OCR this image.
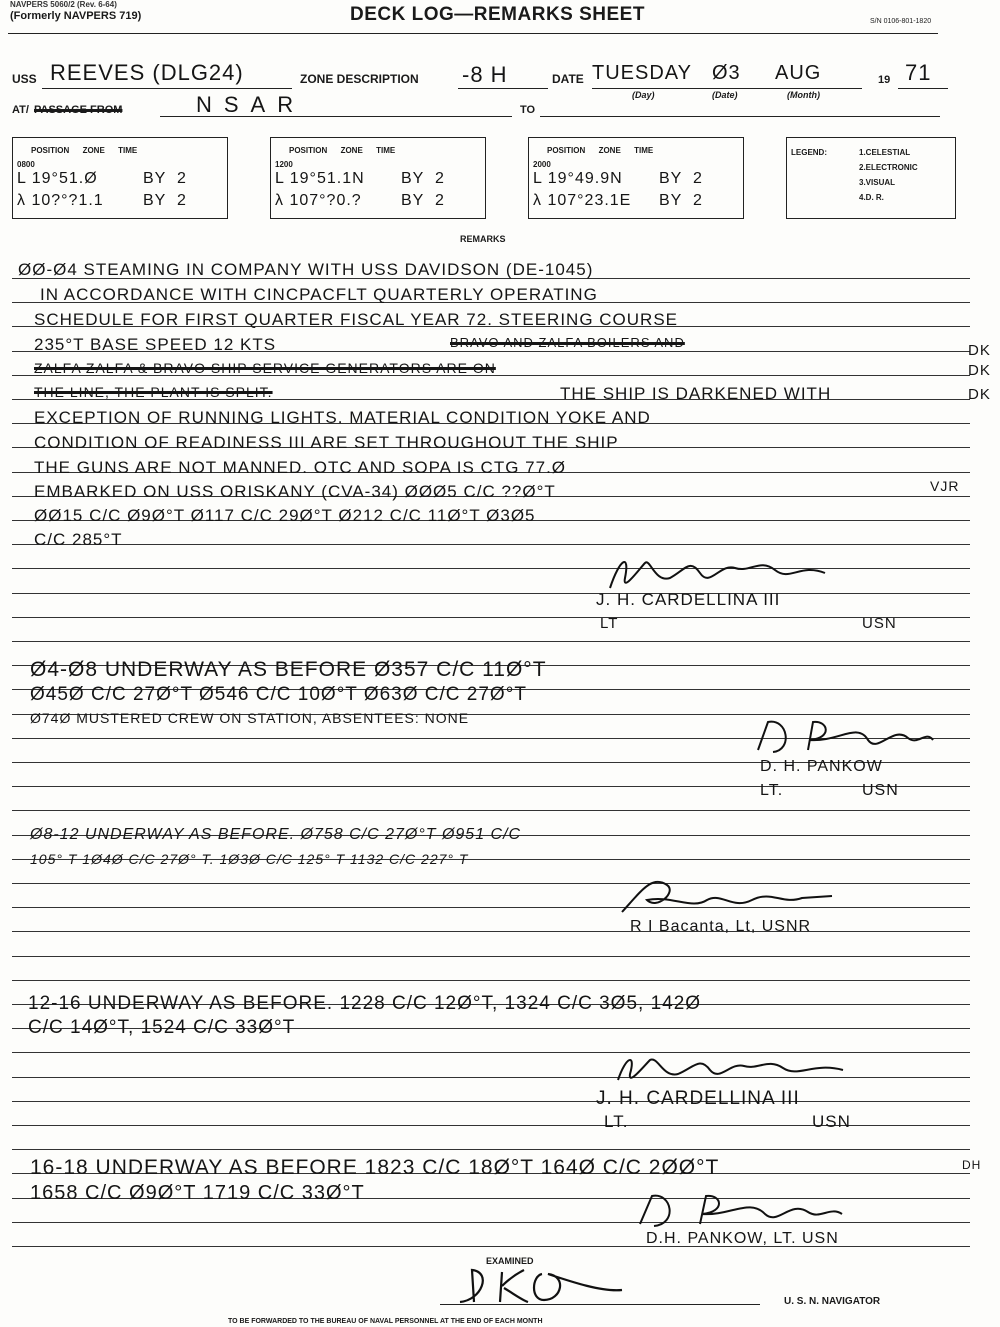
NAVPERS 5060/2 (Rev. 6-64)
(Formerly NAVPERS 719)	DECK LOG—REMARKS SHEET	S/N 0106-801-1820
USS REEVES (DLG24)	ZONE DESCRIPTION -8 H	DATE TUESDAY Ø3 AUG
(Day)	(Date)	(Month)
19 71
AT/ PASSAGE FROM	NSAR	TO
POSITION      ZONE      TIME
0800
L 19°51.Ø	BY  2
λ 10?°?1.1 BY  2
POSITION      ZONE      TIME
1200
L 19°51.1N BY  2
λ 107°?0.? BY  2
POSITION      ZONE      TIME
2000
L 19°49.9N BY  2
λ 107°23.1E BY  2
LEGEND:	1.CELESTIAL
2.ELECTRONIC
3.VISUAL
4.D. R.
REMARKS
ØØ-Ø4 STEAMING IN COMPANY WITH USS DAVIDSON (DE-1045)
IN ACCORDANCE WITH CINCPACFLT QUARTERLY OPERATING
SCHEDULE FOR FIRST QUARTER FISCAL YEAR 72. STEERING COURSE
235°T BASE SPEED 12 KTS	BRAVO AND ZALFA BOILERS AND
ZALFA ZALFA & BRAVO SHIP SERVICE GENERATORS ARE ON
THE LINE, THE PLANT IS SPLIT.	THE SHIP IS DARKENED WITH
EXCEPTION OF RUNNING LIGHTS. MATERIAL CONDITION YOKE AND
CONDITION OF READINESS III ARE SET THROUGHOUT THE SHIP
THE GUNS ARE NOT MANNED. OTC AND SOPA IS CTG 77.Ø
EMBARKED ON USS ORISKANY (CVA-34) ØØØ5 C/C ??Ø°T
ØØ15 C/C Ø9Ø°T Ø117 C/C 29Ø°T Ø212 C/C 11Ø°T Ø3Ø5
C/C 285°T
DK
DK
DK
VJR
J. H. CARDELLINA III
LT	USN
Ø4-Ø8 UNDERWAY AS BEFORE Ø357 C/C 11Ø°T
Ø45Ø C/C 27Ø°T Ø546 C/C 10Ø°T Ø63Ø C/C 27Ø°T
Ø74Ø MUSTERED CREW ON STATION, ABSENTEES: NONE
D. H. PANKOW
LT.	USN
Ø8-12 UNDERWAY AS BEFORE. Ø758 C/C 27Ø°T Ø951 C/C
105° T 1Ø4Ø C/C 27Ø° T. 1Ø3Ø C/C 125° T 1132 C/C 227° T
R I Bacanta, Lt, USNR
12-16 UNDERWAY AS BEFORE. 1228 C/C 12Ø°T, 1324 C/C 3Ø5, 142Ø
C/C 14Ø°T, 1524 C/C 33Ø°T
J. H. CARDELLINA III
LT.	USN
16-18 UNDERWAY AS BEFORE 1823 C/C 18Ø°T 164Ø C/C 2ØØ°T
1658 C/C Ø9Ø°T 1719 C/C 33Ø°T
DH
D.H. PANKOW, LT. USN
EXAMINED
U. S. N. NAVIGATOR
TO BE FORWARDED TO THE BUREAU OF NAVAL PERSONNEL AT THE END OF EACH MONTH
